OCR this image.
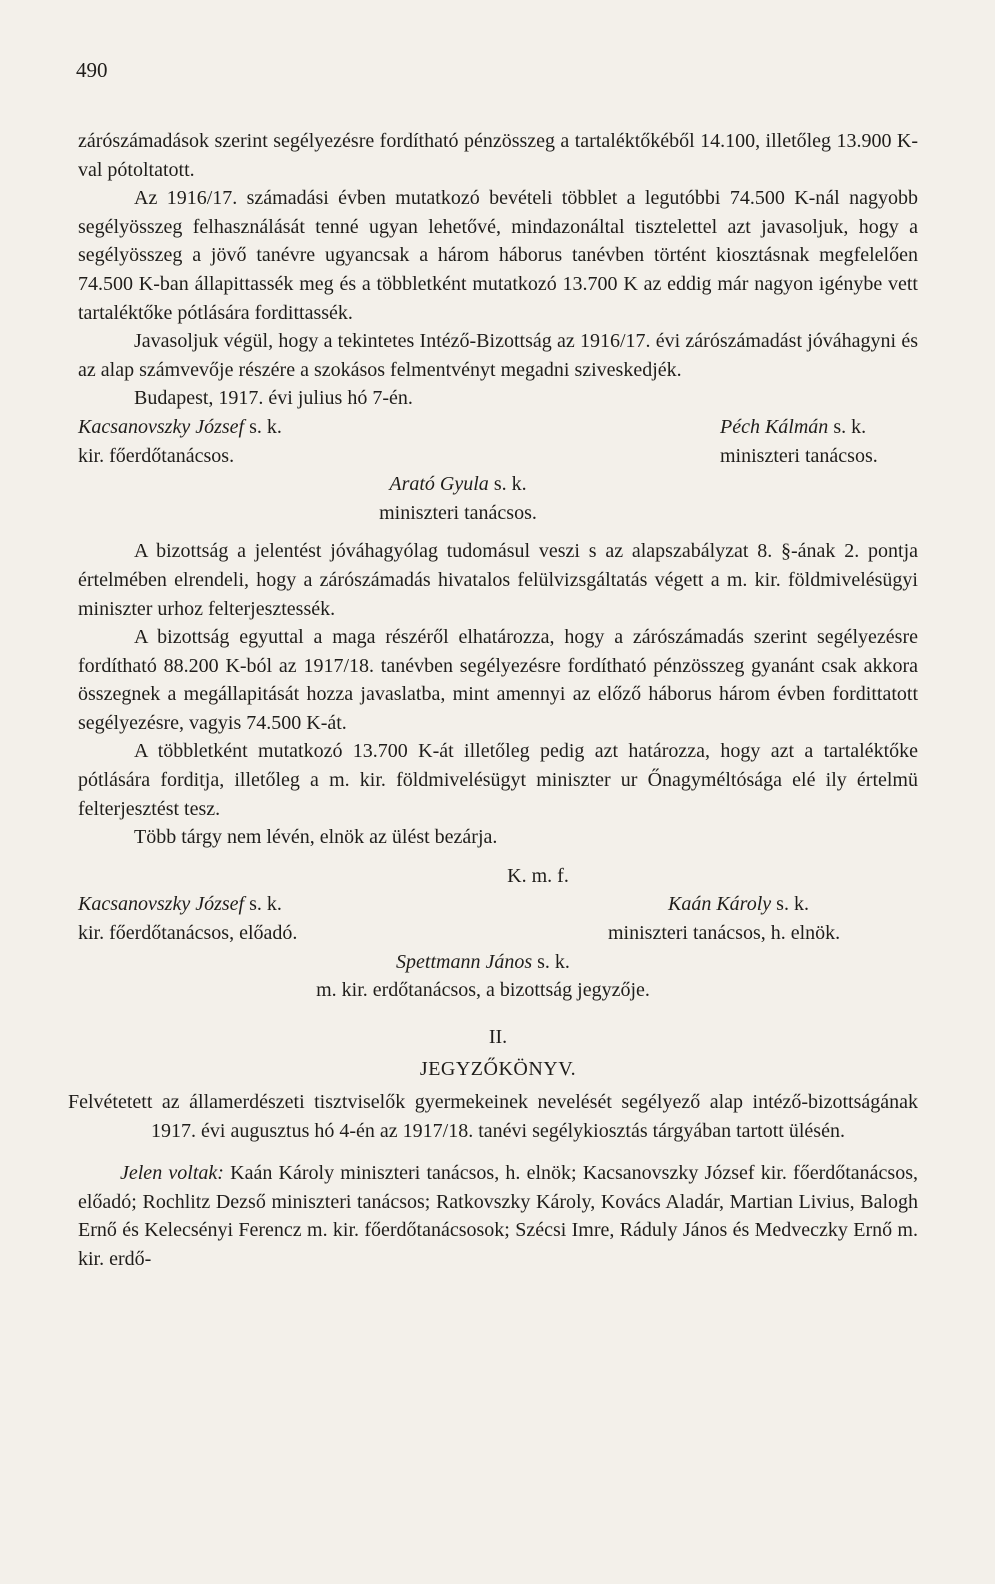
490

zárószámadások szerint segélyezésre fordítható pénzösszeg a tartaléktőkéből 14.100, illetőleg 13.900 K-val pótoltatott.

Az 1916/17. számadási évben mutatkozó bevételi többlet a legutóbbi 74.500 K-nál nagyobb segélyösszeg felhasználását tenné ugyan lehetővé, mindazonáltal tisztelettel azt javasoljuk, hogy a segélyösszeg a jövő tanévre ugyancsak a három háborus tanévben történt kiosztásnak megfelelően 74.500 K-ban állapittassék meg és a többletként mutatkozó 13.700 K az eddig már nagyon igénybe vett tartaléktőke pótlására fordittassék.

Javasoljuk végül, hogy a tekintetes Intéző-Bizottság az 1916/17. évi zárószámadást jóváhagyni és az alap számvevője részére a szokásos felmentvényt megadni sziveskedjék.

Budapest, 1917. évi julius hó 7-én.

Kacsanovszky József s. k.
kir. főerdőtanácsos.
Péch Kálmán s. k.
miniszteri tanácsos.
Arató Gyula s. k.
miniszteri tanácsos.

A bizottság a jelentést jóváhagyólag tudomásul veszi s az alapszabályzat 8. §-ának 2. pontja értelmében elrendeli, hogy a zárószámadás hivatalos felülvizsgáltatás végett a m. kir. földmivelésügyi miniszter urhoz felterjesztessék.

A bizottság egyuttal a maga részéről elhatározza, hogy a zárószámadás szerint segélyezésre fordítható 88.200 K-ból az 1917/18. tanévben segélyezésre fordítható pénzösszeg gyanánt csak akkora összegnek a megállapitását hozza javaslatba, mint amennyi az előző háborus három évben fordittatott segélyezésre, vagyis 74.500 K-át.

A többletként mutatkozó 13.700 K-át illetőleg pedig azt határozza, hogy azt a tartaléktőke pótlására forditja, illetőleg a m. kir. földmivelésügyt miniszter ur Őnagyméltósága elé ily értelmü felterjesztést tesz.

Több tárgy nem lévén, elnök az ülést bezárja.

K. m. f.
Kacsanovszky József s. k.
kir. főerdőtanácsos, előadó.
Kaán Károly s. k.
miniszteri tanácsos, h. elnök.
Spettmann János s. k.
m. kir. erdőtanácsos, a bizottság jegyzője.
II.
JEGYZŐKÖNYV.

Felvétetett az államerdészeti tisztviselők gyermekeinek nevelését segélyező alap intéző-bizottságának 1917. évi augusztus hó 4-én az 1917/18. tanévi segélykiosztás tárgyában tartott ülésén.

Jelen voltak: Kaán Károly miniszteri tanácsos, h. elnök; Kacsanovszky József kir. főerdőtanácsos, előadó; Rochlitz Dezső miniszteri tanácsos; Ratkovszky Károly, Kovács Aladár, Martian Livius, Balogh Ernő és Kelecsényi Ferencz m. kir. főerdőtanácsosok; Szécsi Imre, Ráduly János és Medveczky Ernő m. kir. erdő-
